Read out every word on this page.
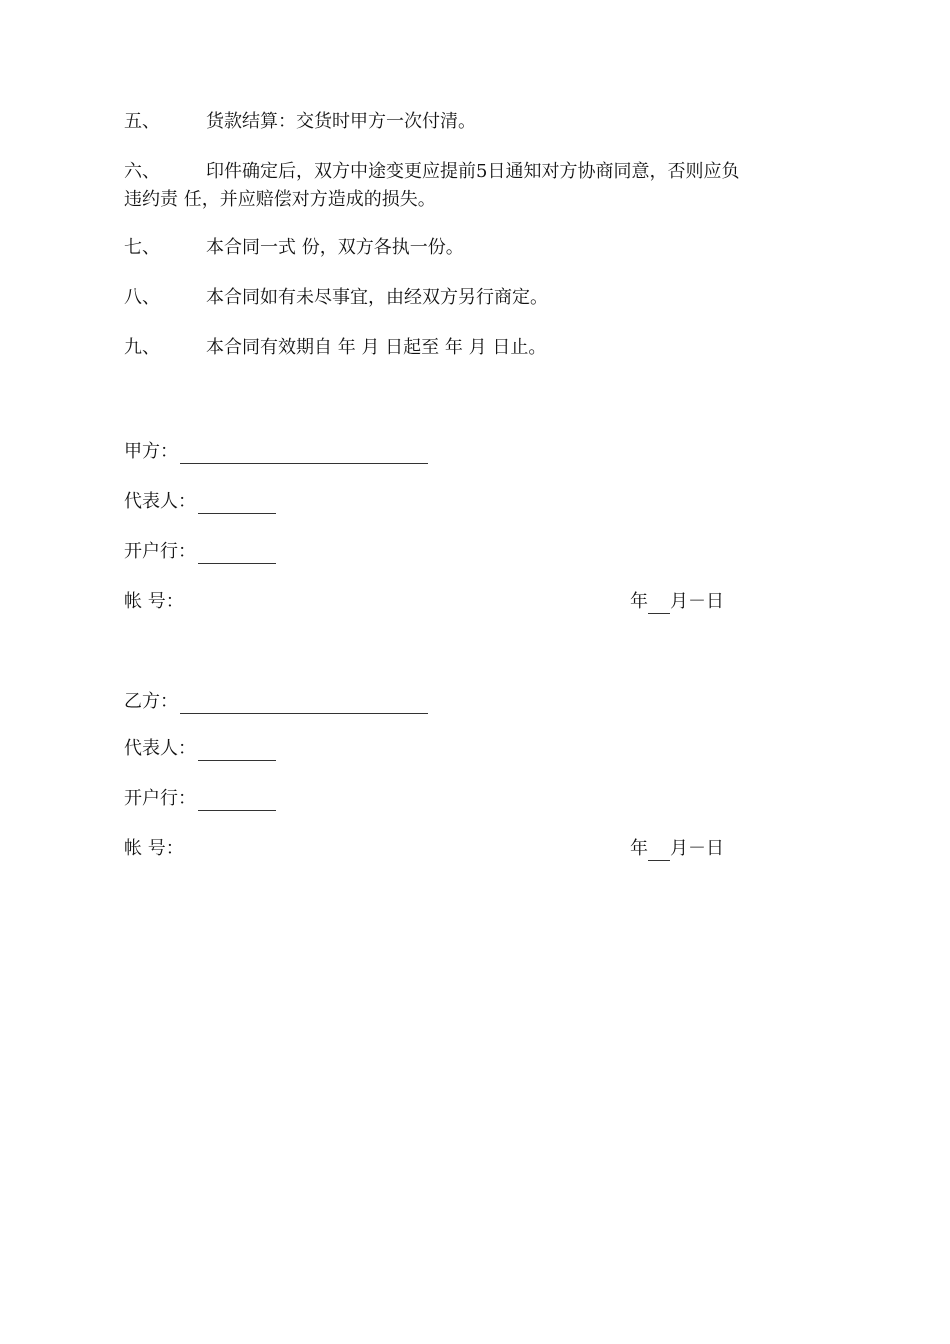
五、	货款结算：交货时甲方一次付清。
六、	印件确定后，双方中途变更应提前5日通知对方协商同意，否则应负
违约责 任，并应赔偿对方造成的损失。
七、	本合同一式 份，双方各执一份。
八、	本合同如有未尽事宜，由经双方另行商定。
九、	本合同有效期自 年 月 日起至 年 月 日止。
甲方：
代表人：
开户行：
帐 号：	年 月－日
乙方：
代表人：
开户行：
帐 号：	年 月－日
